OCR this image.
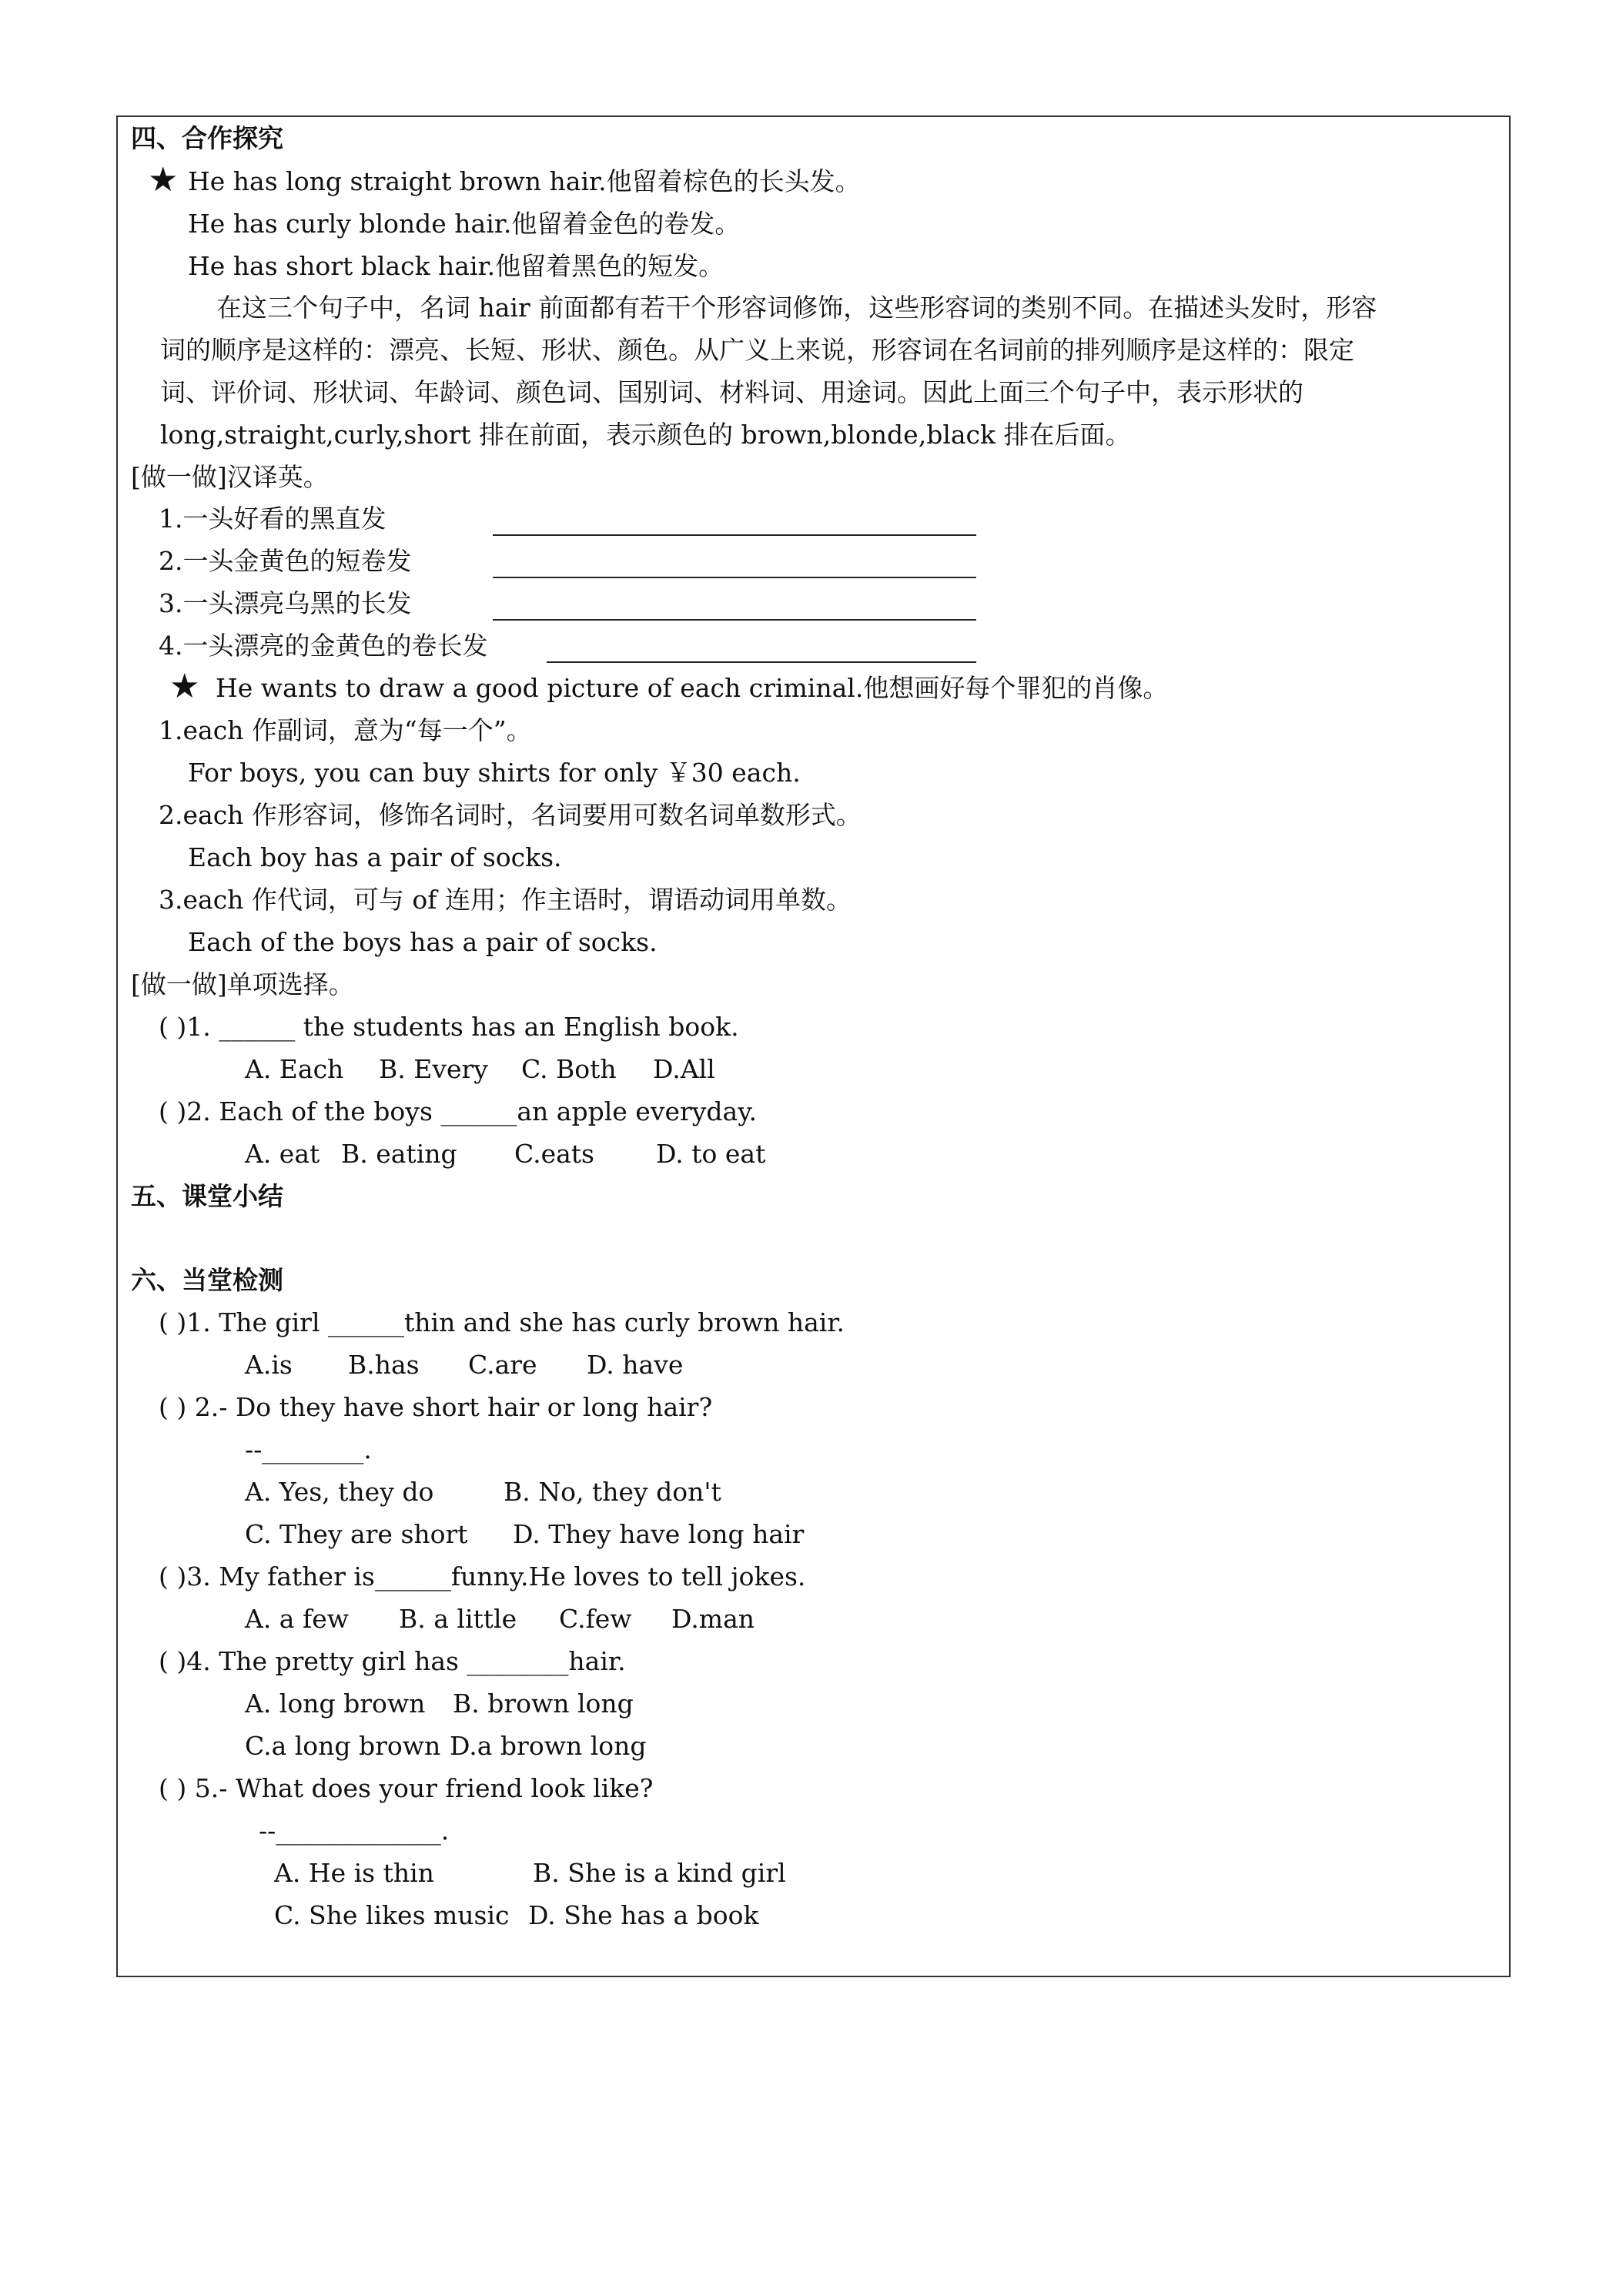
四、合作探究
★ He has long straight brown hair.他留着棕色的长头发。
He has curly blonde hair.他留着金色的卷发。
He has short black hair.他留着黑色的短发。
在这三个句子中，名词 hair 前面都有若干个形容词修饰，这些形容词的类别不同。在描述头发时，形容
词的顺序是这样的：漂亮、长短、形状、颜色。从广义上来说，形容词在名词前的排列顺序是这样的：限定
词、评价词、形状词、年龄词、颜色词、国别词、材料词、用途词。因此上面三个句子中，表示形状的
long,straight,curly,short 排在前面，表示颜色的 brown,blonde,black 排在后面。
[做一做]汉译英。
1.一头好看的黑直发
2.一头金黄色的短卷发
3.一头漂亮乌黑的长发
4.一头漂亮的金黄色的卷长发
★ He wants to draw a good picture of each criminal.他想画好每个罪犯的肖像。
1.each 作副词，意为“每一个”。
For boys, you can buy shirts for only ￥30 each.
2.each 作形容词，修饰名词时，名词要用可数名词单数形式。
Each boy has a pair of socks.
3.each 作代词，可与 of 连用；作主语时，谓语动词用单数。
Each of the boys has a pair of socks.
[做一做]单项选择。
( )1. ______ the students has an English book.
A. Each B. Every C. Both D.All
( )2. Each of the boys ______an apple everyday.
A. eat B. eating C.eats D. to eat
五、课堂小结
六、当堂检测
( )1. The girl ______thin and she has curly brown hair.
A.is B.has C.are D. have
( ) 2.- Do they have short hair or long hair?
--________.
A. Yes, they do	B. No, they don't
C. They are short D. They have long hair
( )3. My father is______funny.He loves to tell jokes.
A. a few B. a little C.few D.man
( )4. The pretty girl has ________hair.
A. long brown B. brown long
C.a long brown D.a brown long
( ) 5.- What does your friend look like?
--_____________.
A. He is thin	B. She is a kind girl
C. She likes music D. She has a book
